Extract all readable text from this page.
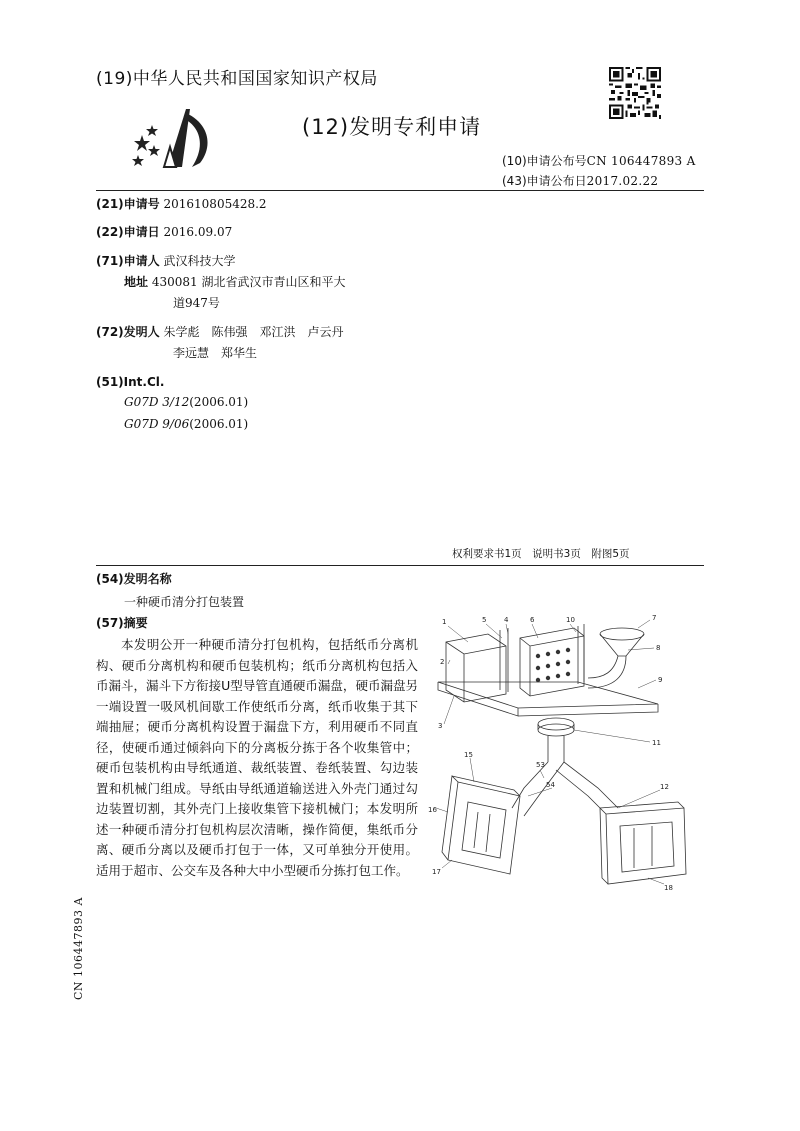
(19)中华人民共和国国家知识产权局
(12)发明专利申请
(10)申请公布号CN 106447893 A
(43)申请公布日2017.02.22
(21)申请号 201610805428.2
(22)申请日 2016.09.07
(71)申请人 武汉科技大学
地址 430081 湖北省武汉市青山区和平大
道947号
(72)发明人 朱学彪　陈伟强　邓江洪　卢云丹
李远慧　郑华生
(51)Int.Cl.
G07D 3/12(2006.01)
G07D 9/06(2006.01)
权利要求书1页　说明书3页　附图5页
(54)发明名称
一种硬币清分打包装置
(57)摘要
本发明公开一种硬币清分打包机构，包括纸币分离机构、硬币分离机构和硬币包装机构；纸币分离机构包括入币漏斗，漏斗下方衔接U型导管直通硬币漏盘，硬币漏盘另一端设置一吸风机间歇工作使纸币分离，纸币收集于其下端抽屉；硬币分离机构设置于漏盘下方，利用硬币不同直径，使硬币通过倾斜向下的分离板分拣于各个收集管中；硬币包装机构由导纸通道、裁纸装置、卷纸装置、勾边装置和机械门组成。导纸由导纸通道输送进入外壳门通过勾边装置切割，其外壳门上接收集管下接机械门；本发明所述一种硬币清分打包机构层次清晰，操作简便，集纸币分离、硬币分离以及硬币打包于一体，又可单独分开使用。适用于超市、公交车及各种大中小型硬币分拣打包工作。
CN 106447893 A
1	5	4	6	10	7
2
8
9
3
11
53
54	12
15
16
17
18
